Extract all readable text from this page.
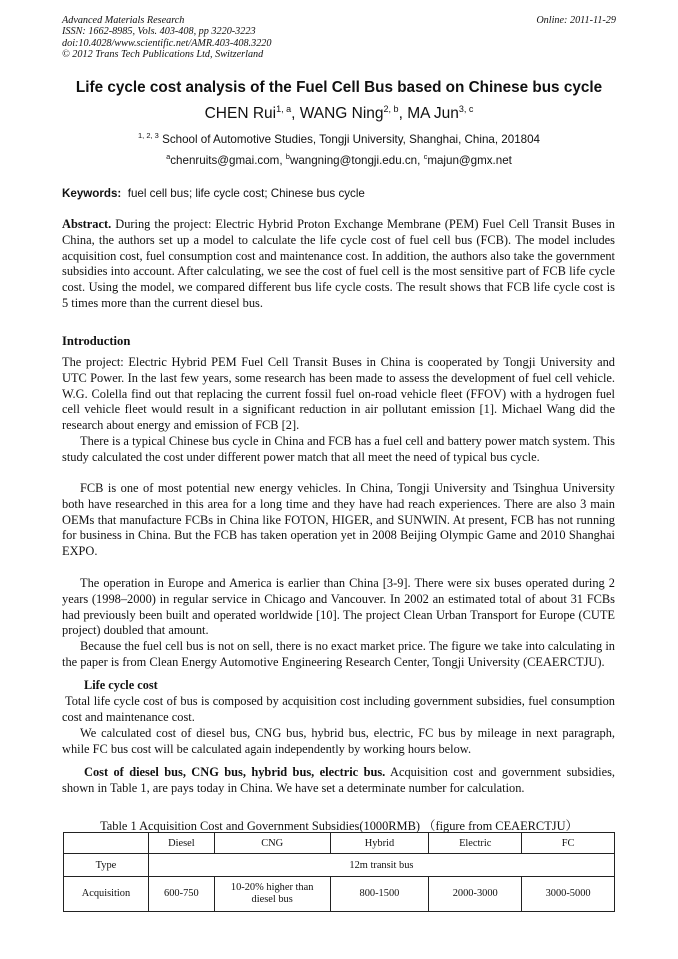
Advanced Materials Research
ISSN: 1662-8985, Vols. 403-408, pp 3220-3223
doi:10.4028/www.scientific.net/AMR.403-408.3220
© 2012 Trans Tech Publications Ltd, Switzerland
Online: 2011-11-29
Life cycle cost analysis of the Fuel Cell Bus based on Chinese bus cycle
CHEN Rui$^{1, a}$, WANG Ning$^{2, b}$, MA Jun$^{3, c}$
$^{1, 2, 3}$ School of Automotive Studies, Tongji University, Shanghai, China, 201804
$^a$chenruits@gmai.com, $^b$wangning@tongji.edu.cn, $^c$majun@gmx.net
Keywords: fuel cell bus; life cycle cost; Chinese bus cycle
Abstract. During the project: Electric Hybrid Proton Exchange Membrane (PEM) Fuel Cell Transit Buses in China, the authors set up a model to calculate the life cycle cost of fuel cell bus (FCB). The model includes acquisition cost, fuel consumption cost and maintenance cost. In addition, the authors also take the government subsidies into account. After calculating, we see the cost of fuel cell is the most sensitive part of FCB life cycle cost. Using the model, we compared different bus life cycle costs. The result shows that FCB life cycle cost is 5 times more than the current diesel bus.
Introduction
The project: Electric Hybrid PEM Fuel Cell Transit Buses in China is cooperated by Tongji University and UTC Power. In the last few years, some research has been made to assess the development of fuel cell vehicle. W.G. Colella find out that replacing the current fossil fuel on-road vehicle fleet (FFOV) with a hydrogen fuel cell vehicle fleet would result in a significant reduction in air pollutant emission [1]. Michael Wang did the research about energy and emission of FCB [2].
There is a typical Chinese bus cycle in China and FCB has a fuel cell and battery power match system. This study calculated the cost under different power match that all meet the need of typical bus cycle.
FCB is one of most potential new energy vehicles. In China, Tongji University and Tsinghua University both have researched in this area for a long time and they have had reach experiences. There are also 3 main OEMs that manufacture FCBs in China like FOTON, HIGER, and SUNWIN. At present, FCB has not running for business in China. But the FCB has taken operation yet in 2008 Beijing Olympic Game and 2010 Shanghai EXPO.
The operation in Europe and America is earlier than China [3-9]. There were six buses operated during 2 years (1998–2000) in regular service in Chicago and Vancouver. In 2002 an estimated total of about 31 FCBs had previously been built and operated worldwide [10]. The project Clean Urban Transport for Europe (CUTE project) doubled that amount.
Because the fuel cell bus is not on sell, there is no exact market price. The figure we take into calculating in the paper is from Clean Energy Automotive Engineering Research Center, Tongji University (CEAERCTJU).
Life cycle cost
Total life cycle cost of bus is composed by acquisition cost including government subsidies, fuel consumption cost and maintenance cost.
We calculated cost of diesel bus, CNG bus, hybrid bus, electric, FC bus by mileage in next paragraph, while FC bus cost will be calculated again independently by working hours below.
Cost of diesel bus, CNG bus, hybrid bus, electric bus. Acquisition cost and government subsidies, shown in Table 1, are pays today in China. We have set a determinate number for calculation.
Table 1 Acquisition Cost and Government Subsidies(1000RMB) （figure from CEAERCTJU）
	Diesel	CNG	Hybrid	Electric	FC
Type	12m transit bus				
Acquisition	600-750	10-20% higher than diesel bus	800-1500	2000-3000	3000-5000
